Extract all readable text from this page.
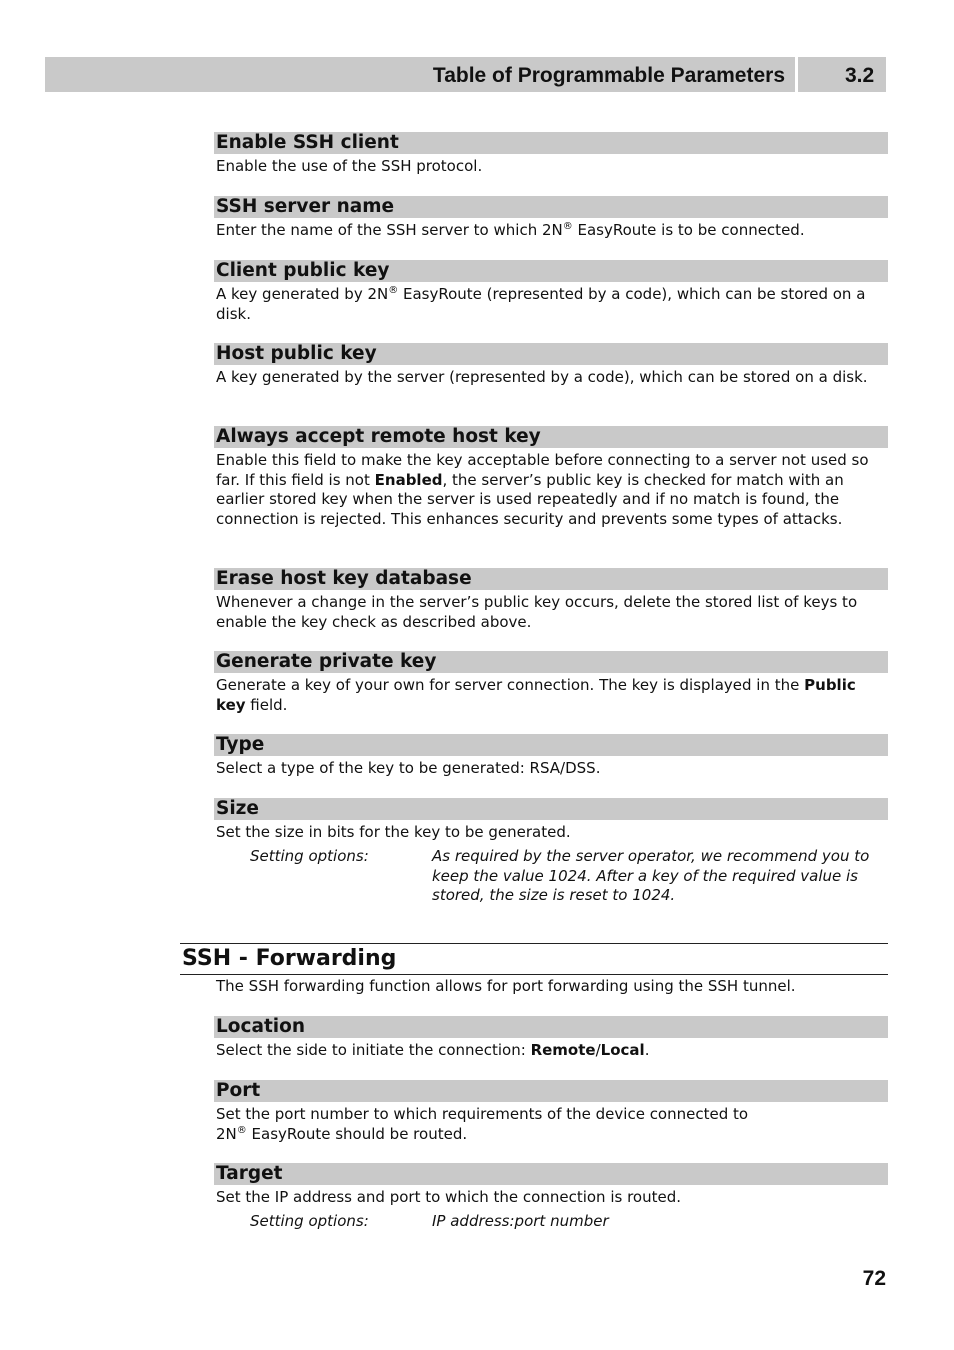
Table of Programmable Parameters	3.2
Enable SSH client
Enable the use of the SSH protocol.
SSH server name
Enter the name of the SSH server to which 2N® EasyRoute is to be connected.
Client public key
A key generated by 2N® EasyRoute (represented by a code), which can be stored on a disk.
Host public key
A key generated by the server (represented by a code), which can be stored on a disk.
Always accept remote host key
Enable this field to make the key acceptable before connecting to a server not used so far. If this field is not Enabled, the server’s public key is checked for match with an earlier stored key when the server is used repeatedly and if no match is found, the connection is rejected. This enhances security and prevents some types of attacks.
Erase host key database
Whenever a change in the server’s public key occurs, delete the stored list of keys to enable the key check as described above.
Generate private key
Generate a key of your own for server connection. The key is displayed in the Public key field.
Type
Select a type of the key to be generated: RSA/DSS.
Size
Set the size in bits for the key to be generated.
Setting options:	As required by the server operator, we recommend you to keep the value 1024. After a key of the required value is stored, the size is reset to 1024.
SSH - Forwarding
The SSH forwarding function allows for port forwarding using the SSH tunnel.
Location
Select the side to initiate the connection: Remote/Local.
Port
Set the port number to which requirements of the device connected to
2N® EasyRoute should be routed.
Target
Set the IP address and port to which the connection is routed.
Setting options:	IP address:port number
72
